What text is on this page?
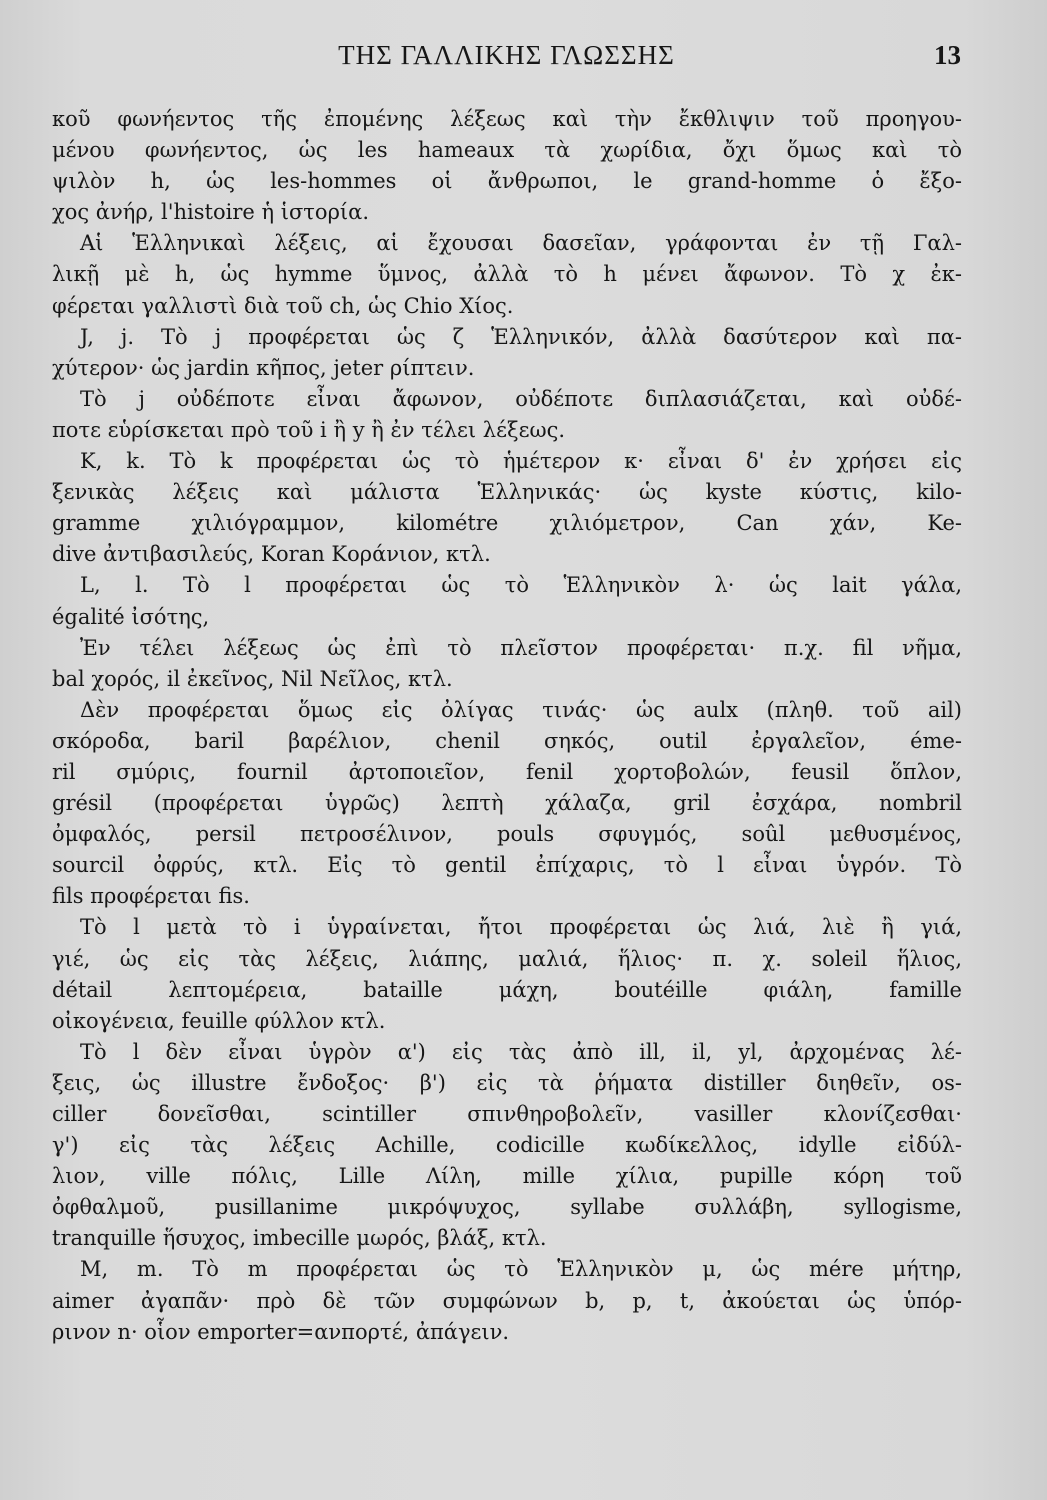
ΤΗΣ ΓΑΛΛΙΚΗΣ ΓΛΩΣΣΗΣ	13
κοῦ φωνήεντος τῆς ἐπομένης λέξεως καὶ τὴν ἔκθλιψιν τοῦ προηγου-
μένου φωνήεντος, ὡς les hameaux τὰ χωρίδια, ὄχι ὅμως καὶ τὸ
ψιλὸν h, ὡς les-hommes οἱ ἄνθρωποι, le grand-homme ὁ ἔξο-
χος ἀνήρ, l'histoire ἡ ἱστορία.
Αἱ Ἑλληνικαὶ λέξεις, αἱ ἔχουσαι δασεῖαν, γράφονται ἐν τῇ Γαλ-
λικῇ μὲ h, ὡς hymme ὕμνος, ἀλλὰ τὸ h μένει ἄφωνον. Τὸ χ ἐκ-
φέρεται γαλλιστὶ διὰ τοῦ ch, ὡς Chio Χίος.
J, j. Τὸ j προφέρεται ὡς ζ Ἑλληνικόν, ἀλλὰ δασύτερον καὶ πα-
χύτερον· ὡς jardin κῆπος, jeter ρίπτειν.
Τὸ j οὐδέποτε εἶναι ἄφωνον, οὐδέποτε διπλασιάζεται, καὶ οὐδέ-
ποτε εὑρίσκεται πρὸ τοῦ i ἢ y ἢ ἐν τέλει λέξεως.
K, k. Τὸ k προφέρεται ὡς τὸ ἡμέτερον κ· εἶναι δ' ἐν χρήσει εἰς
ξενικὰς λέξεις καὶ μάλιστα Ἑλληνικάς· ὡς kyste κύστις, kilo-
gramme χιλιόγραμμον, kilométre χιλιόμετρον, Can χάν, Ke-
dive ἀντιβασιλεύς, Koran Κοράνιον, κτλ.
L, l. Τὸ l προφέρεται ὡς τὸ Ἑλληνικὸν λ· ὡς lait γάλα,
égalité ἰσότης,
Ἐν τέλει λέξεως ὡς ἐπὶ τὸ πλεῖστον προφέρεται· π.χ. fil νῆμα,
bal χορός, il ἐκεῖνος, Nil Νεῖλος, κτλ.
Δὲν προφέρεται ὅμως εἰς ὀλίγας τινάς· ὡς aulx (πληθ. τοῦ ail)
σκόροδα, baril βαρέλιον, chenil σηκός, outil ἐργαλεῖον, éme-
ril σμύρις, fournil ἀρτοποιεῖον, fenil χορτοβολών, feusil ὅπλον,
grésil (προφέρεται ὑγρῶς) λεπτὴ χάλαζα, gril ἐσχάρα, nombril
ὀμφαλός, persil πετροσέλινον, pouls σφυγμός, soûl μεθυσμένος,
sourcil ὀφρύς, κτλ. Εἰς τὸ gentil ἐπίχαρις, τὸ l εἶναι ὑγρόν. Τὸ
fils προφέρεται fis.
Τὸ l μετὰ τὸ i ὑγραίνεται, ἤτοι προφέρεται ὡς λιά, λιὲ ἢ γιά,
γιέ, ὡς εἰς τὰς λέξεις, λιάπης, μαλιά, ἥλιος· π. χ. soleil ἥλιος,
détail λεπτομέρεια, bataille μάχη, boutéille φιάλη, famille
οἰκογένεια, feuille φύλλον κτλ.
Τὸ l δὲν εἶναι ὑγρὸν α') εἰς τὰς ἀπὸ ill, il, yl, ἀρχομένας λέ-
ξεις, ὡς illustre ἔνδοξος· β') εἰς τὰ ῥήματα distiller διηθεῖν, os-
ciller δονεῖσθαι, scintiller σπινθηροβολεῖν, vasiller κλονίζεσθαι·
γ') εἰς τὰς λέξεις Achille, codicille κωδίκελλος, idylle εἰδύλ-
λιον, ville πόλις, Lille Λίλη, mille χίλια, pupille κόρη τοῦ
ὀφθαλμοῦ, pusillanime μικρόψυχος, syllabe συλλάβη, syllogisme,
tranquille ἥσυχος, imbecille μωρός, βλάξ, κτλ.
M, m. Τὸ m προφέρεται ὡς τὸ Ἑλληνικὸν μ, ὡς mére μήτηρ,
aimer ἀγαπᾶν· πρὸ δὲ τῶν συμφώνων b, p, t, ἀκούεται ὡς ὑπόρ-
ρινον n· οἷον emporter=ανπορτέ, ἀπάγειν.
